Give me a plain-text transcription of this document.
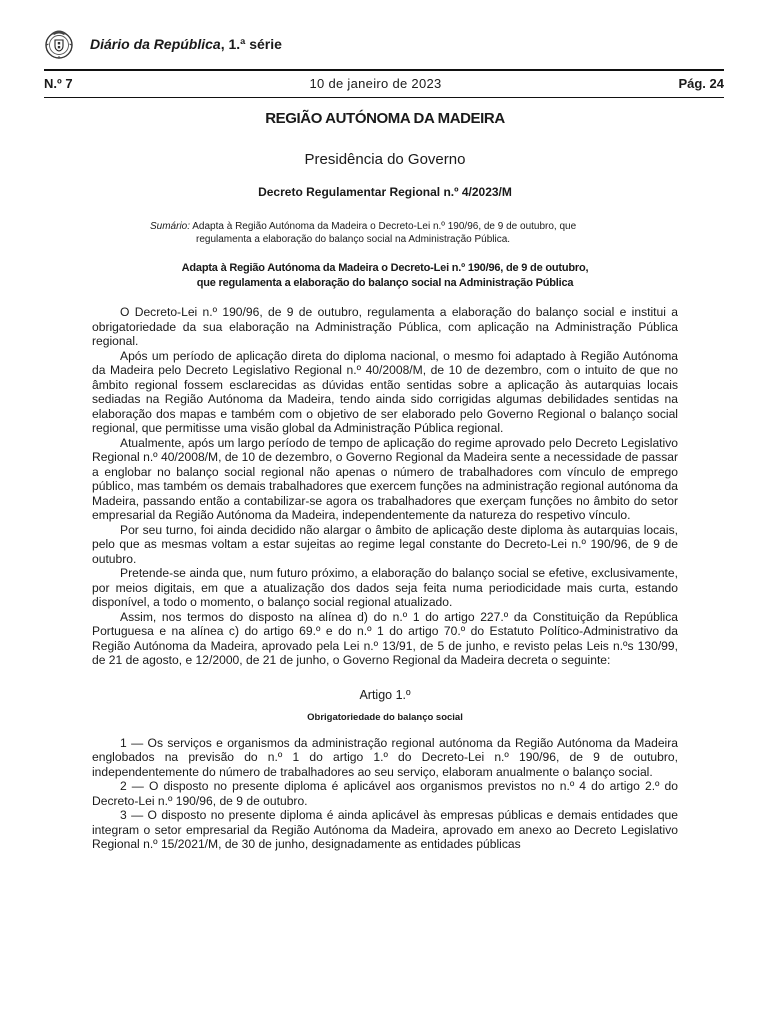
Diário da República, 1.ª série
N.º 7	10 de janeiro de 2023	Pág. 24
REGIÃO AUTÓNOMA DA MADEIRA
Presidência do Governo
Decreto Regulamentar Regional n.º 4/2023/M
Sumário: Adapta à Região Autónoma da Madeira o Decreto-Lei n.º 190/96, de 9 de outubro, que
regulamenta a elaboração do balanço social na Administração Pública.
Adapta à Região Autónoma da Madeira o Decreto-Lei n.º 190/96, de 9 de outubro,
que regulamenta a elaboração do balanço social na Administração Pública

O Decreto-Lei n.º 190/96, de 9 de outubro, regulamenta a elaboração do balanço social e institui a obrigatoriedade da sua elaboração na Administração Pública, com aplicação na Administração Pública regional.

Após um período de aplicação direta do diploma nacional, o mesmo foi adaptado à Região Autónoma da Madeira pelo Decreto Legislativo Regional n.º 40/2008/M, de 10 de dezembro, com o intuito de que no âmbito regional fossem esclarecidas as dúvidas então sentidas sobre a aplicação às autarquias locais sediadas na Região Autónoma da Madeira, tendo ainda sido corrigidas algumas debilidades sentidas na elaboração dos mapas e também com o objetivo de ser elaborado pelo Governo Regional o balanço social regional, que permitisse uma visão global da Administração Pública regional.

Atualmente, após um largo período de tempo de aplicação do regime aprovado pelo Decreto Legislativo Regional n.º 40/2008/M, de 10 de dezembro, o Governo Regional da Madeira sente a necessidade de passar a englobar no balanço social regional não apenas o número de trabalhadores com vínculo de emprego público, mas também os demais trabalhadores que exercem funções na administração regional autónoma da Madeira, passando então a contabilizar-se agora os trabalhadores que exerçam funções no âmbito do setor empresarial da Região Autónoma da Madeira, independentemente da natureza do respetivo vínculo.

Por seu turno, foi ainda decidido não alargar o âmbito de aplicação deste diploma às autarquias locais, pelo que as mesmas voltam a estar sujeitas ao regime legal constante do Decreto-Lei n.º 190/96, de 9 de outubro.

Pretende-se ainda que, num futuro próximo, a elaboração do balanço social se efetive, exclusivamente, por meios digitais, em que a atualização dos dados seja feita numa periodicidade mais curta, estando disponível, a todo o momento, o balanço social regional atualizado.

Assim, nos termos do disposto na alínea d) do n.º 1 do artigo 227.º da Constituição da República Portuguesa e na alínea c) do artigo 69.º e do n.º 1 do artigo 70.º do Estatuto Político-Administrativo da Região Autónoma da Madeira, aprovado pela Lei n.º 13/91, de 5 de junho, e revisto pelas Leis n.ºs 130/99, de 21 de agosto, e 12/2000, de 21 de junho, o Governo Regional da Madeira decreta o seguinte:

Artigo 1.º
Obrigatoriedade do balanço social

1 — Os serviços e organismos da administração regional autónoma da Região Autónoma da Madeira englobados na previsão do n.º 1 do artigo 1.º do Decreto-Lei n.º 190/96, de 9 de outubro, independentemente do número de trabalhadores ao seu serviço, elaboram anualmente o balanço social.

2 — O disposto no presente diploma é aplicável aos organismos previstos no n.º 4 do artigo 2.º do Decreto-Lei n.º 190/96, de 9 de outubro.

3 — O disposto no presente diploma é ainda aplicável às empresas públicas e demais entidades que integram o setor empresarial da Região Autónoma da Madeira, aprovado em anexo ao Decreto Legislativo Regional n.º 15/2021/M, de 30 de junho, designadamente as entidades públicas
